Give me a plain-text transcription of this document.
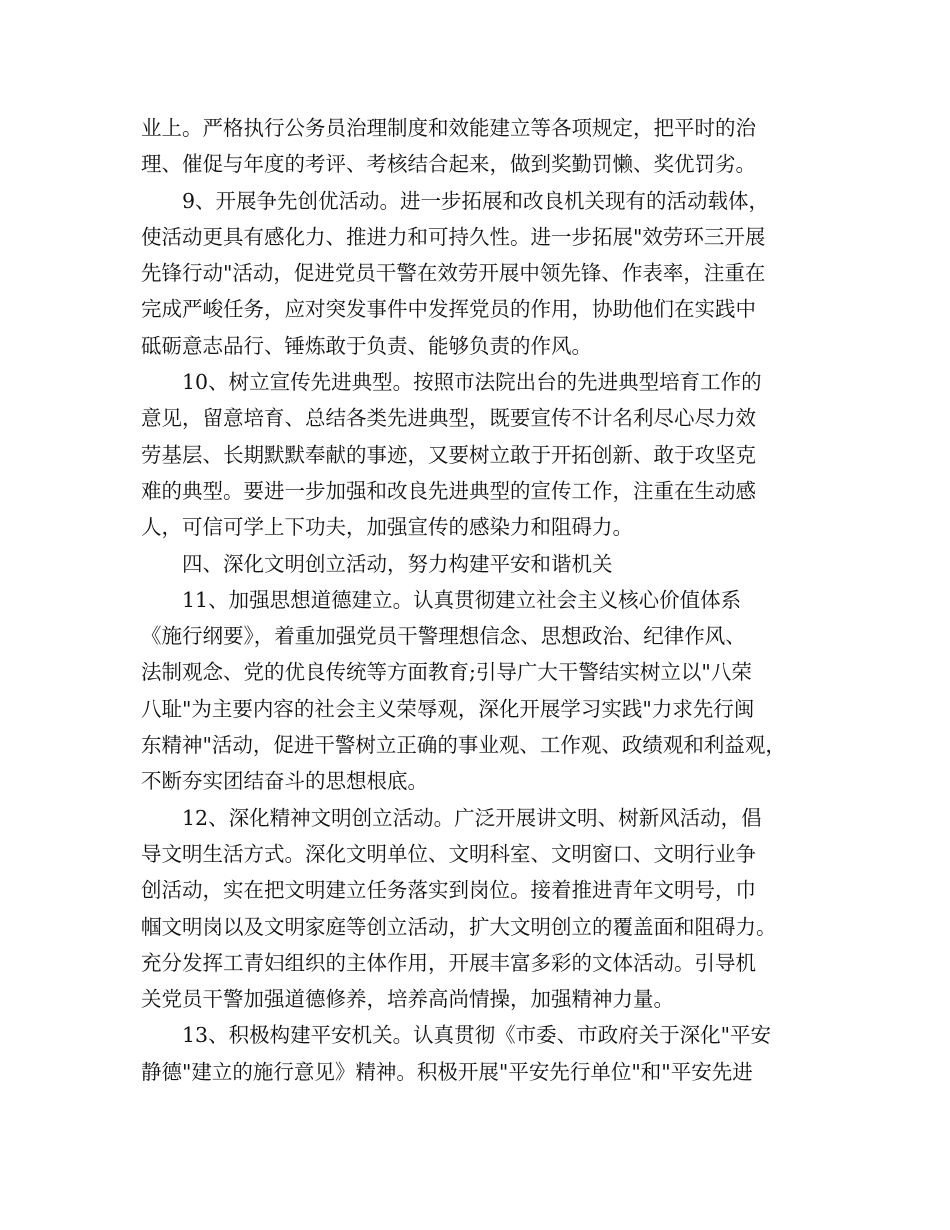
业上。严格执行公务员治理制度和效能建立等各项规定，把平时的治
理、催促与年度的考评、考核结合起来，做到奖勤罚懒、奖优罚劣。
9、开展争先创优活动。进一步拓展和改良机关现有的活动载体，
使活动更具有感化力、推进力和可持久性。进一步拓展"效劳环三开展
先锋行动"活动，促进党员干警在效劳开展中领先锋、作表率，注重在
完成严峻任务，应对突发事件中发挥党员的作用，协助他们在实践中
砥砺意志品行、锤炼敢于负责、能够负责的作风。
10、树立宣传先进典型。按照市法院出台的先进典型培育工作的
意见，留意培育、总结各类先进典型，既要宣传不计名利尽心尽力效
劳基层、长期默默奉献的事迹，又要树立敢于开拓创新、敢于攻坚克
难的典型。要进一步加强和改良先进典型的宣传工作，注重在生动感
人，可信可学上下功夫，加强宣传的感染力和阻碍力。
四、深化文明创立活动，努力构建平安和谐机关
11、加强思想道德建立。认真贯彻建立社会主义核心价值体系
《施行纲要》，着重加强党员干警理想信念、思想政治、纪律作风、
法制观念、党的优良传统等方面教育;引导广大干警结实树立以"八荣
八耻"为主要内容的社会主义荣辱观，深化开展学习实践"力求先行闽
东精神"活动，促进干警树立正确的事业观、工作观、政绩观和利益观，
不断夯实团结奋斗的思想根底。
12、深化精神文明创立活动。广泛开展讲文明、树新风活动，倡
导文明生活方式。深化文明单位、文明科室、文明窗口、文明行业争
创活动，实在把文明建立任务落实到岗位。接着推进青年文明号，巾
帼文明岗以及文明家庭等创立活动，扩大文明创立的覆盖面和阻碍力。
充分发挥工青妇组织的主体作用，开展丰富多彩的文体活动。引导机
关党员干警加强道德修养，培养高尚情操，加强精神力量。
13、积极构建平安机关。认真贯彻《市委、市政府关于深化"平安
静德"建立的施行意见》精神。积极开展"平安先行单位"和"平安先进
